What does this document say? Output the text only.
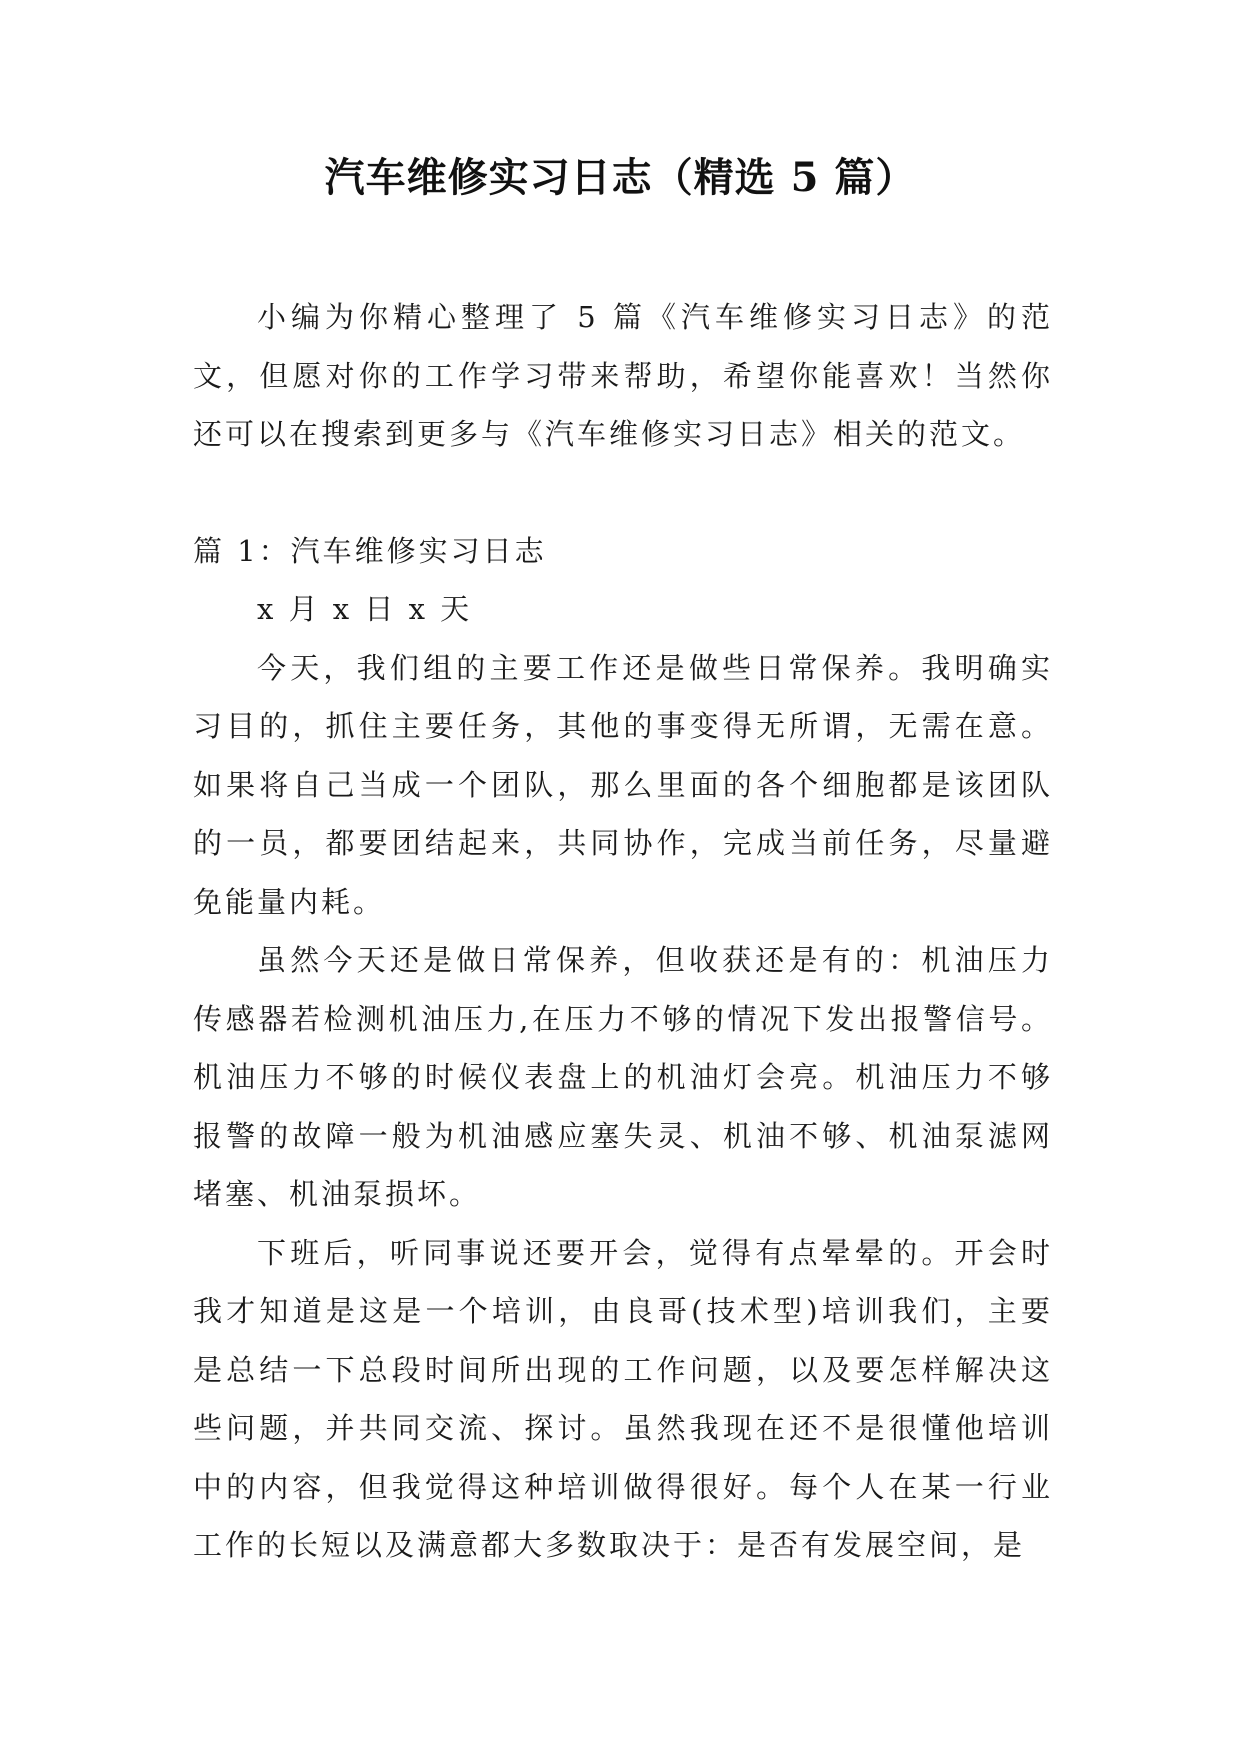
汽车维修实习日志（精选 5 篇）

小编为你精心整理了 5 篇《汽车维修实习日志》的范文，但愿对你的工作学习带来帮助，希望你能喜欢！当然你还可以在搜索到更多与《汽车维修实习日志》相关的范文。

篇 1：汽车维修实习日志

x 月 x 日 x 天

今天，我们组的主要工作还是做些日常保养。我明确实习目的，抓住主要任务，其他的事变得无所谓，无需在意。如果将自己当成一个团队，那么里面的各个细胞都是该团队的一员，都要团结起来，共同协作，完成当前任务，尽量避免能量内耗。

虽然今天还是做日常保养，但收获还是有的：机油压力传感器若检测机油压力,在压力不够的情况下发出报警信号。机油压力不够的时候仪表盘上的机油灯会亮。机油压力不够报警的故障一般为机油感应塞失灵、机油不够、机油泵滤网堵塞、机油泵损坏。

下班后，听同事说还要开会，觉得有点晕晕的。开会时我才知道是这是一个培训，由良哥(技术型)培训我们，主要是总结一下总段时间所出现的工作问题，以及要怎样解决这些问题，并共同交流、探讨。虽然我现在还不是很懂他培训中的内容，但我觉得这种培训做得很好。每个人在某一行业工作的长短以及满意都大多数取决于：是否有发展空间，是
